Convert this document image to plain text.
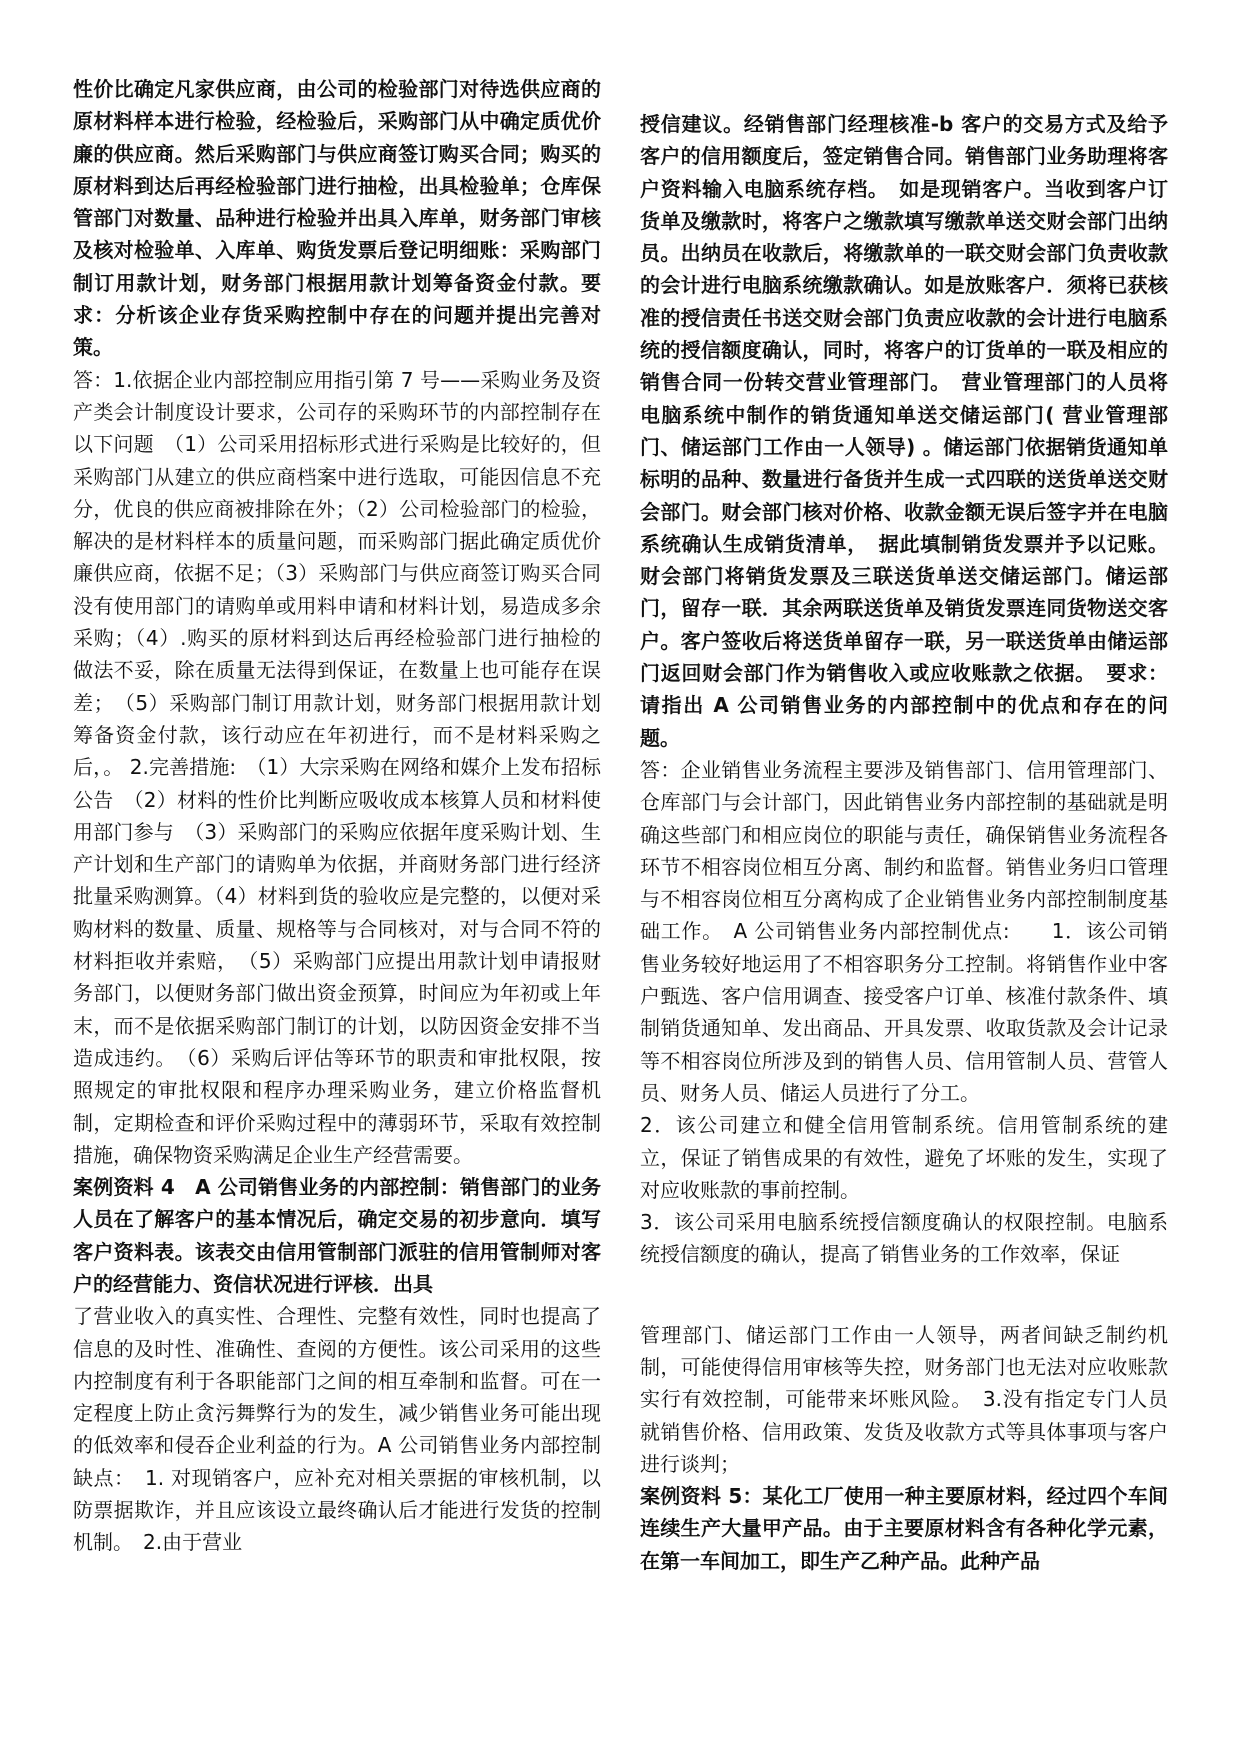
性价比确定凡家供应商，由公司的检验部门对待选供应商的原材料样本进行检验，经检验后，采购部门从中确定质优价廉的供应商。然后采购部门与供应商签订购买合同；购买的原材料到达后再经检验部门进行抽检，出具检验单；仓库保管部门对数量、品种进行检验并出具入库单，财务部门审核及核对检验单、入库单、购货发票后登记明细账：采购部门制订用款计划，财务部门根据用款计划筹备资金付款。要求：分析该企业存货采购控制中存在的问题并提出完善对策。

答：1.依据企业内部控制应用指引第 7 号——采购业务及资产类会计制度设计要求，公司存的采购环节的内部控制存在以下问题　（1）公司采用招标形式进行采购是比较好的，但采购部门从建立的供应商档案中进行选取，可能因信息不充分，优良的供应商被排除在外；（2）公司检验部门的检验，解决的是材料样本的质量问题，而采购部门据此确定质优价廉供应商，依据不足；（3）采购部门与供应商签订购买合同没有使用部门的请购单或用料申请和材料计划，易造成多余采购；（4）.购买的原材料到达后再经检验部门进行抽检的做法不妥，除在质量无法得到保证，在数量上也可能存在误差；　（5）采购部门制订用款计划，财务部门根据用款计划筹备资金付款，该行动应在年初进行，而不是材料采购之后，。 2.完善措施:　（1）大宗采购在网络和媒介上发布招标公告　（2）材料的性价比判断应吸收成本核算人员和材料使用部门参与　（3）采购部门的采购应依据年度采购计划、生产计划和生产部门的请购单为依据，并商财务部门进行经济批量采购测算。（4）材料到货的验收应是完整的，以便对采购材料的数量、质量、规格等与合同核对，对与合同不符的材料拒收并索赔，　（5）采购部门应提出用款计划申请报财务部门，以便财务部门做出资金预算，时间应为年初或上年末，而不是依据采购部门制订的计划，以防因资金安排不当造成违约。　（6）采购后评估等环节的职责和审批权限，按照规定的审批权限和程序办理采购业务，建立价格监督机制，定期检查和评价采购过程中的薄弱环节，采取有效控制措施，确保物资采购满足企业生产经营需要。

案例资料 4　A 公司销售业务的内部控制：销售部门的业务人员在了解客户的基本情况后，确定交易的初步意向．填写客户资料表。该表交由信用管制部门派驻的信用管制师对客户的经营能力、资信状况进行评核．出具

了营业收入的真实性、合理性、完整有效性，同时也提高了信息的及时性、准确性、查阅的方便性。该公司采用的这些内控制度有利于各职能部门之间的相互牵制和监督。可在一定程度上防止贪污舞弊行为的发生，减少销售业务可能出现的低效率和侵吞企业利益的行为。A 公司销售业务内部控制缺点：　1. 对现销客户，应补充对相关票据的审核机制，以防票据欺诈，并且应该设立最终确认后才能进行发货的控制机制。　2.由于营业

授信建议。经销售部门经理核准-b 客户的交易方式及给予客户的信用额度后，签定销售合同。销售部门业务助理将客户资料输入电脑系统存档。　如是现销客户。当收到客户订货单及缴款时，将客户之缴款填写缴款单送交财会部门出纳员。出纳员在收款后，将缴款单的一联交财会部门负责收款的会计进行电脑系统缴款确认。如是放账客户．须将已获核准的授信责任书送交财会部门负责应收款的会计进行电脑系统的授信额度确认，同时，将客户的订货单的一联及相应的销售合同一份转交营业管理部门。　营业管理部门的人员将电脑系统中制作的销货通知单送交储运部门( 营业管理部门、储运部门工作由一人领导) 。储运部门依据销货通知单标明的品种、数量进行备货并生成一式四联的送货单送交财会部门。财会部门核对价格、收款金额无误后签字并在电脑系统确认生成销货清单，　据此填制销货发票并予以记账。财会部门将销货发票及三联送货单送交储运部门。储运部门，留存一联．其余两联送货单及销货发票连同货物送交客户。客户签收后将送货单留存一联，另一联送货单由储运部门返回财会部门作为销售收入或应收账款之依据。　要求：请指出 A 公司销售业务的内部控制中的优点和存在的问题。

答：企业销售业务流程主要涉及销售部门、信用管理部门、仓库部门与会计部门，因此销售业务内部控制的基础就是明确这些部门和相应岗位的职能与责任，确保销售业务流程各环节不相容岗位相互分离、制约和监督。销售业务归口管理与不相容岗位相互分离构成了企业销售业务内部控制制度基础工作。　A 公司销售业务内部控制优点:　　1．该公司销售业务较好地运用了不相容职务分工控制。将销售作业中客户甄选、客户信用调查、接受客户订单、核准付款条件、填制销货通知单、发出商品、开具发票、收取货款及会计记录等不相容岗位所涉及到的销售人员、信用管制人员、营管人员、财务人员、储运人员进行了分工。

2．该公司建立和健全信用管制系统。信用管制系统的建立，保证了销售成果的有效性，避免了坏账的发生，实现了对应收账款的事前控制。

3．该公司采用电脑系统授信额度确认的权限控制。电脑系统授信额度的确认，提高了销售业务的工作效率，保证

管理部门、储运部门工作由一人领导，两者间缺乏制约机制，可能使得信用审核等失控，财务部门也无法对应收账款实行有效控制，可能带来坏账风险。　3.没有指定专门人员就销售价格、信用政策、发货及收款方式等具体事项与客户进行谈判；

案例资料 5：某化工厂使用一种主要原材料，经过四个车间连续生产大量甲产品。由于主要原材料含有各种化学元素，在第一车间加工，即生产乙种产品。此种产品
